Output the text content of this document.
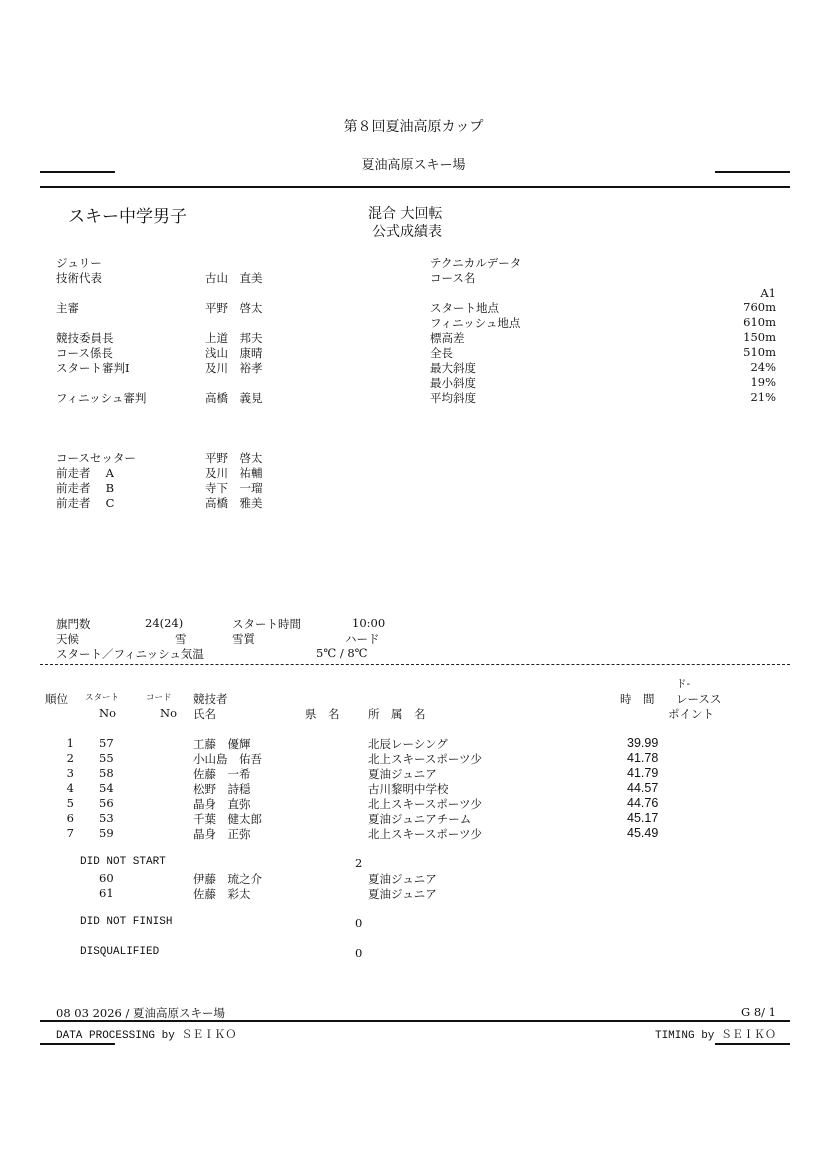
第８回夏油高原カップ
夏油高原スキー場
スキー中学男子	混合 大回転
公式成績表
ジュリー
技術代表	古山　直美
主審	平野　啓太
競技委員長	上道　邦夫
コース係長	浅山　康晴
スタート審判Ⅰ	及川　裕孝
フィニッシュ審判	高橋　義見
テクニカルデータ
コース名
A1
スタート地点	760m
フィニッシュ地点	610m
標高差	150m
全長	510m
最大斜度	24%
最小斜度	19%
平均斜度	21%
コースセッター	平野　啓太
前走者　 A	及川　祐輔
前走者　 B	寺下　一瑠
前走者　 C	高橋　雅美
旗門数	24(24)	スタート時間	10:00
天候	雪	雪質	ハード
スタート／フィニッシュ気温	5℃ / 8℃
ド-
順位 スタート	コード 競技者	時　間 レースス
No	No 氏名	県　名 所　属　名	ポイント
1 57	工藤　優輝	北辰レーシング	39.99
2 55	小山島　佑吾	北上スキースポーツ少	41.78
3 58	佐藤　一希	夏油ジュニア	41.79
4 54	松野　詩穏	古川黎明中学校	44.57
5 56	晶身　直弥	北上スキースポーツ少	44.76
6 53	千葉　健太郎	夏油ジュニアチーム	45.17
7 59	晶身　正弥	北上スキースポーツ少	45.49
DID NOT START	2
60	伊藤　琉之介	夏油ジュニア
61	佐藤　彩太	夏油ジュニア
DID NOT FINISH	0
DISQUALIFIED	0
08 03 2026 / 夏油高原スキー場	G 8/ 1
DATA PROCESSING by ＳＥＩＫＯ	TIMING by ＳＥＩＫＯ
